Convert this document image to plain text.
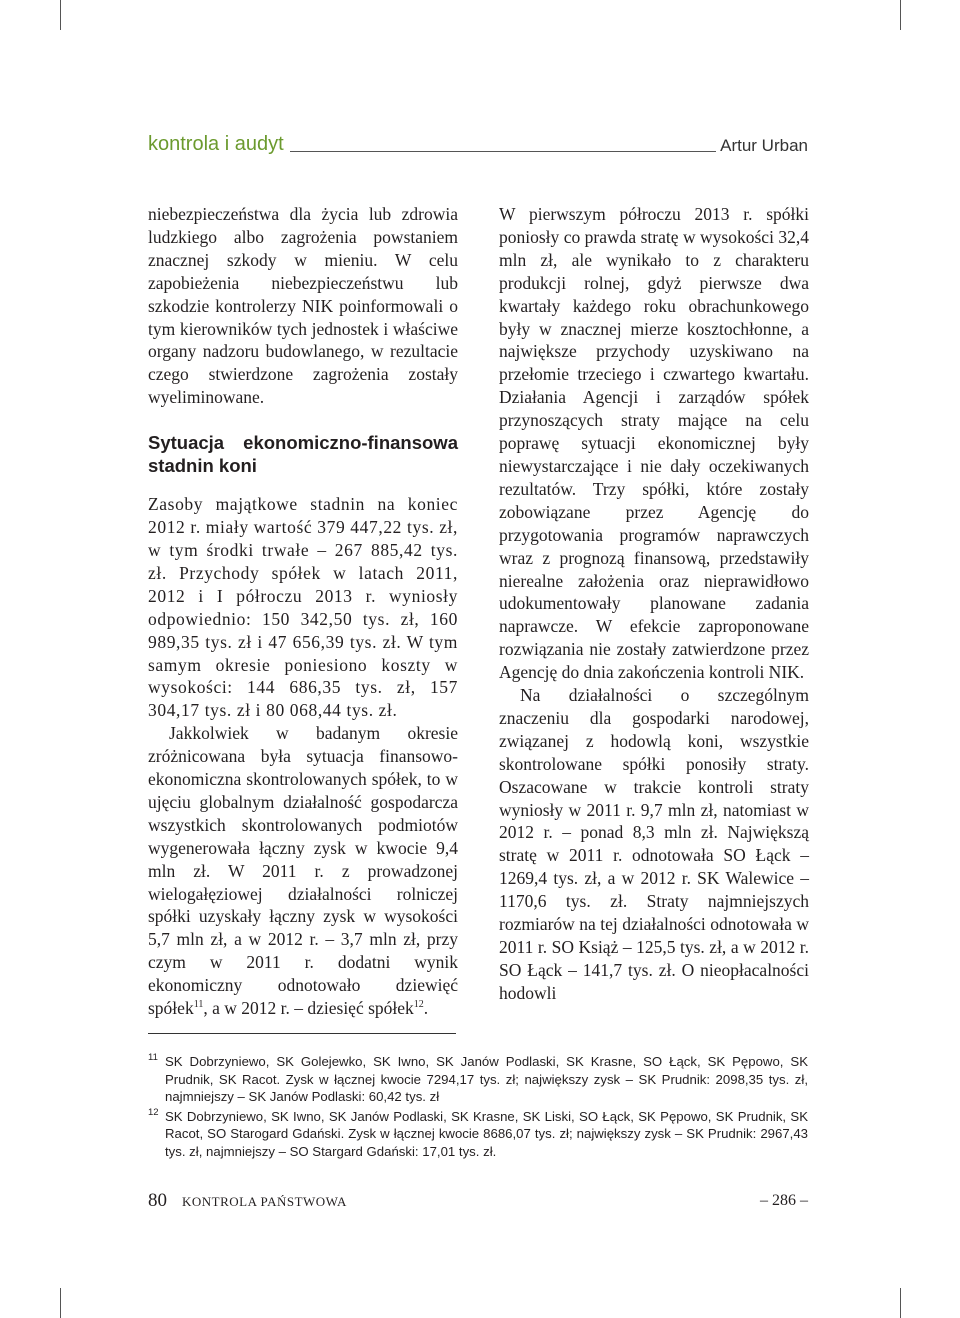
kontrola i audyt	Artur Urban

niebezpieczeństwa dla życia lub zdrowia ludzkiego albo zagrożenia powstaniem znacznej szkody w mieniu. W celu zapobieżenia niebezpieczeństwu lub szkodzie kontrolerzy NIK poinformowali o tym kierowników tych jednostek i właściwe organy nadzoru budowlanego, w rezultacie czego stwierdzone zagrożenia zostały wyeliminowane.

Sytuacja ekonomiczno-finansowa stadnin koni

Zasoby majątkowe stadnin na koniec 2012 r. miały wartość 379 447,22 tys. zł, w tym środki trwałe – 267 885,42 tys. zł. Przychody spółek w latach 2011, 2012 i I półroczu 2013 r. wyniosły odpowiednio: 150 342,50 tys. zł, 160 989,35 tys. zł i 47 656,39 tys. zł. W tym samym okresie poniesiono koszty w wysokości: 144 686,35 tys. zł, 157 304,17 tys. zł i 80 068,44 tys. zł.

Jakkolwiek w badanym okresie zróżnicowana była sytuacja finansowo-ekonomiczna skontrolowanych spółek, to w ujęciu globalnym działalność gospodarcza wszystkich skontrolowanych podmiotów wygenerowała łączny zysk w kwocie 9,4 mln zł. W 2011 r. z prowadzonej wielogałęziowej działalności rolniczej spółki uzyskały łączny zysk w wysokości 5,7 mln zł, a w 2012 r. – 3,7 mln zł, przy czym w 2011 r. dodatni wynik ekonomiczny odnotowało dziewięć spółek$^{11}$, a w 2012 r. – dziesięć spółek$^{12}$.

W pierwszym półroczu 2013 r. spółki poniosły co prawda stratę w wysokości 32,4 mln zł, ale wynikało to z charakteru produkcji rolnej, gdyż pierwsze dwa kwartały każdego roku obrachunkowego były w znacznej mierze kosztochłonne, a największe przychody uzyskiwano na przełomie trzeciego i czwartego kwartału. Działania Agencji i zarządów spółek przynoszących straty mające na celu poprawę sytuacji ekonomicznej były niewystarczające i nie dały oczekiwanych rezultatów. Trzy spółki, które zostały zobowiązane przez Agencję do przygotowania programów naprawczych wraz z prognozą finansową, przedstawiły nierealne założenia oraz nieprawidłowo udokumentowały planowane zadania naprawcze. W efekcie zaproponowane rozwiązania nie zostały zatwierdzone przez Agencję do dnia zakończenia kontroli NIK.

Na działalności o szczególnym znaczeniu dla gospodarki narodowej, związanej z hodowlą koni, wszystkie skontrolowane spółki ponosiły straty. Oszacowane w trakcie kontroli straty wyniosły w 2011 r. 9,7 mln zł, natomiast w 2012 r. – ponad 8,3 mln zł. Największą stratę w 2011 r. odnotowała SO Łąck – 1269,4 tys. zł, a w 2012 r. SK Walewice – 1170,6 tys. zł. Straty najmniejszych rozmiarów na tej działalności odnotowała w 2011 r. SO Książ – 125,5 tys. zł, a w 2012 r. SO Łąck – 141,7 tys. zł. O nieopłacalności hodowli

11 SK Dobrzyniewo, SK Golejewko, SK Iwno, SK Janów Podlaski, SK Krasne, SO Łąck, SK Pępowo, SK Prudnik, SK Racot. Zysk w łącznej kwocie 7294,17 tys. zł; największy zysk – SK Prudnik: 2098,35 tys. zł, najmniejszy – SK Janów Podlaski: 60,42 tys. zł
12 SK Dobrzyniewo, SK Iwno, SK Janów Podlaski, SK Krasne, SK Liski, SO Łąck, SK Pępowo, SK Prudnik, SK Racot, SO Starogard Gdański. Zysk w łącznej kwocie 8686,07 tys. zł; największy zysk – SK Prudnik: 2967,43 tys. zł, najmniejszy – SO Stargard Gdański: 17,01 tys. zł.
80 KONTROLA PAŃSTWOWA	– 286 –
